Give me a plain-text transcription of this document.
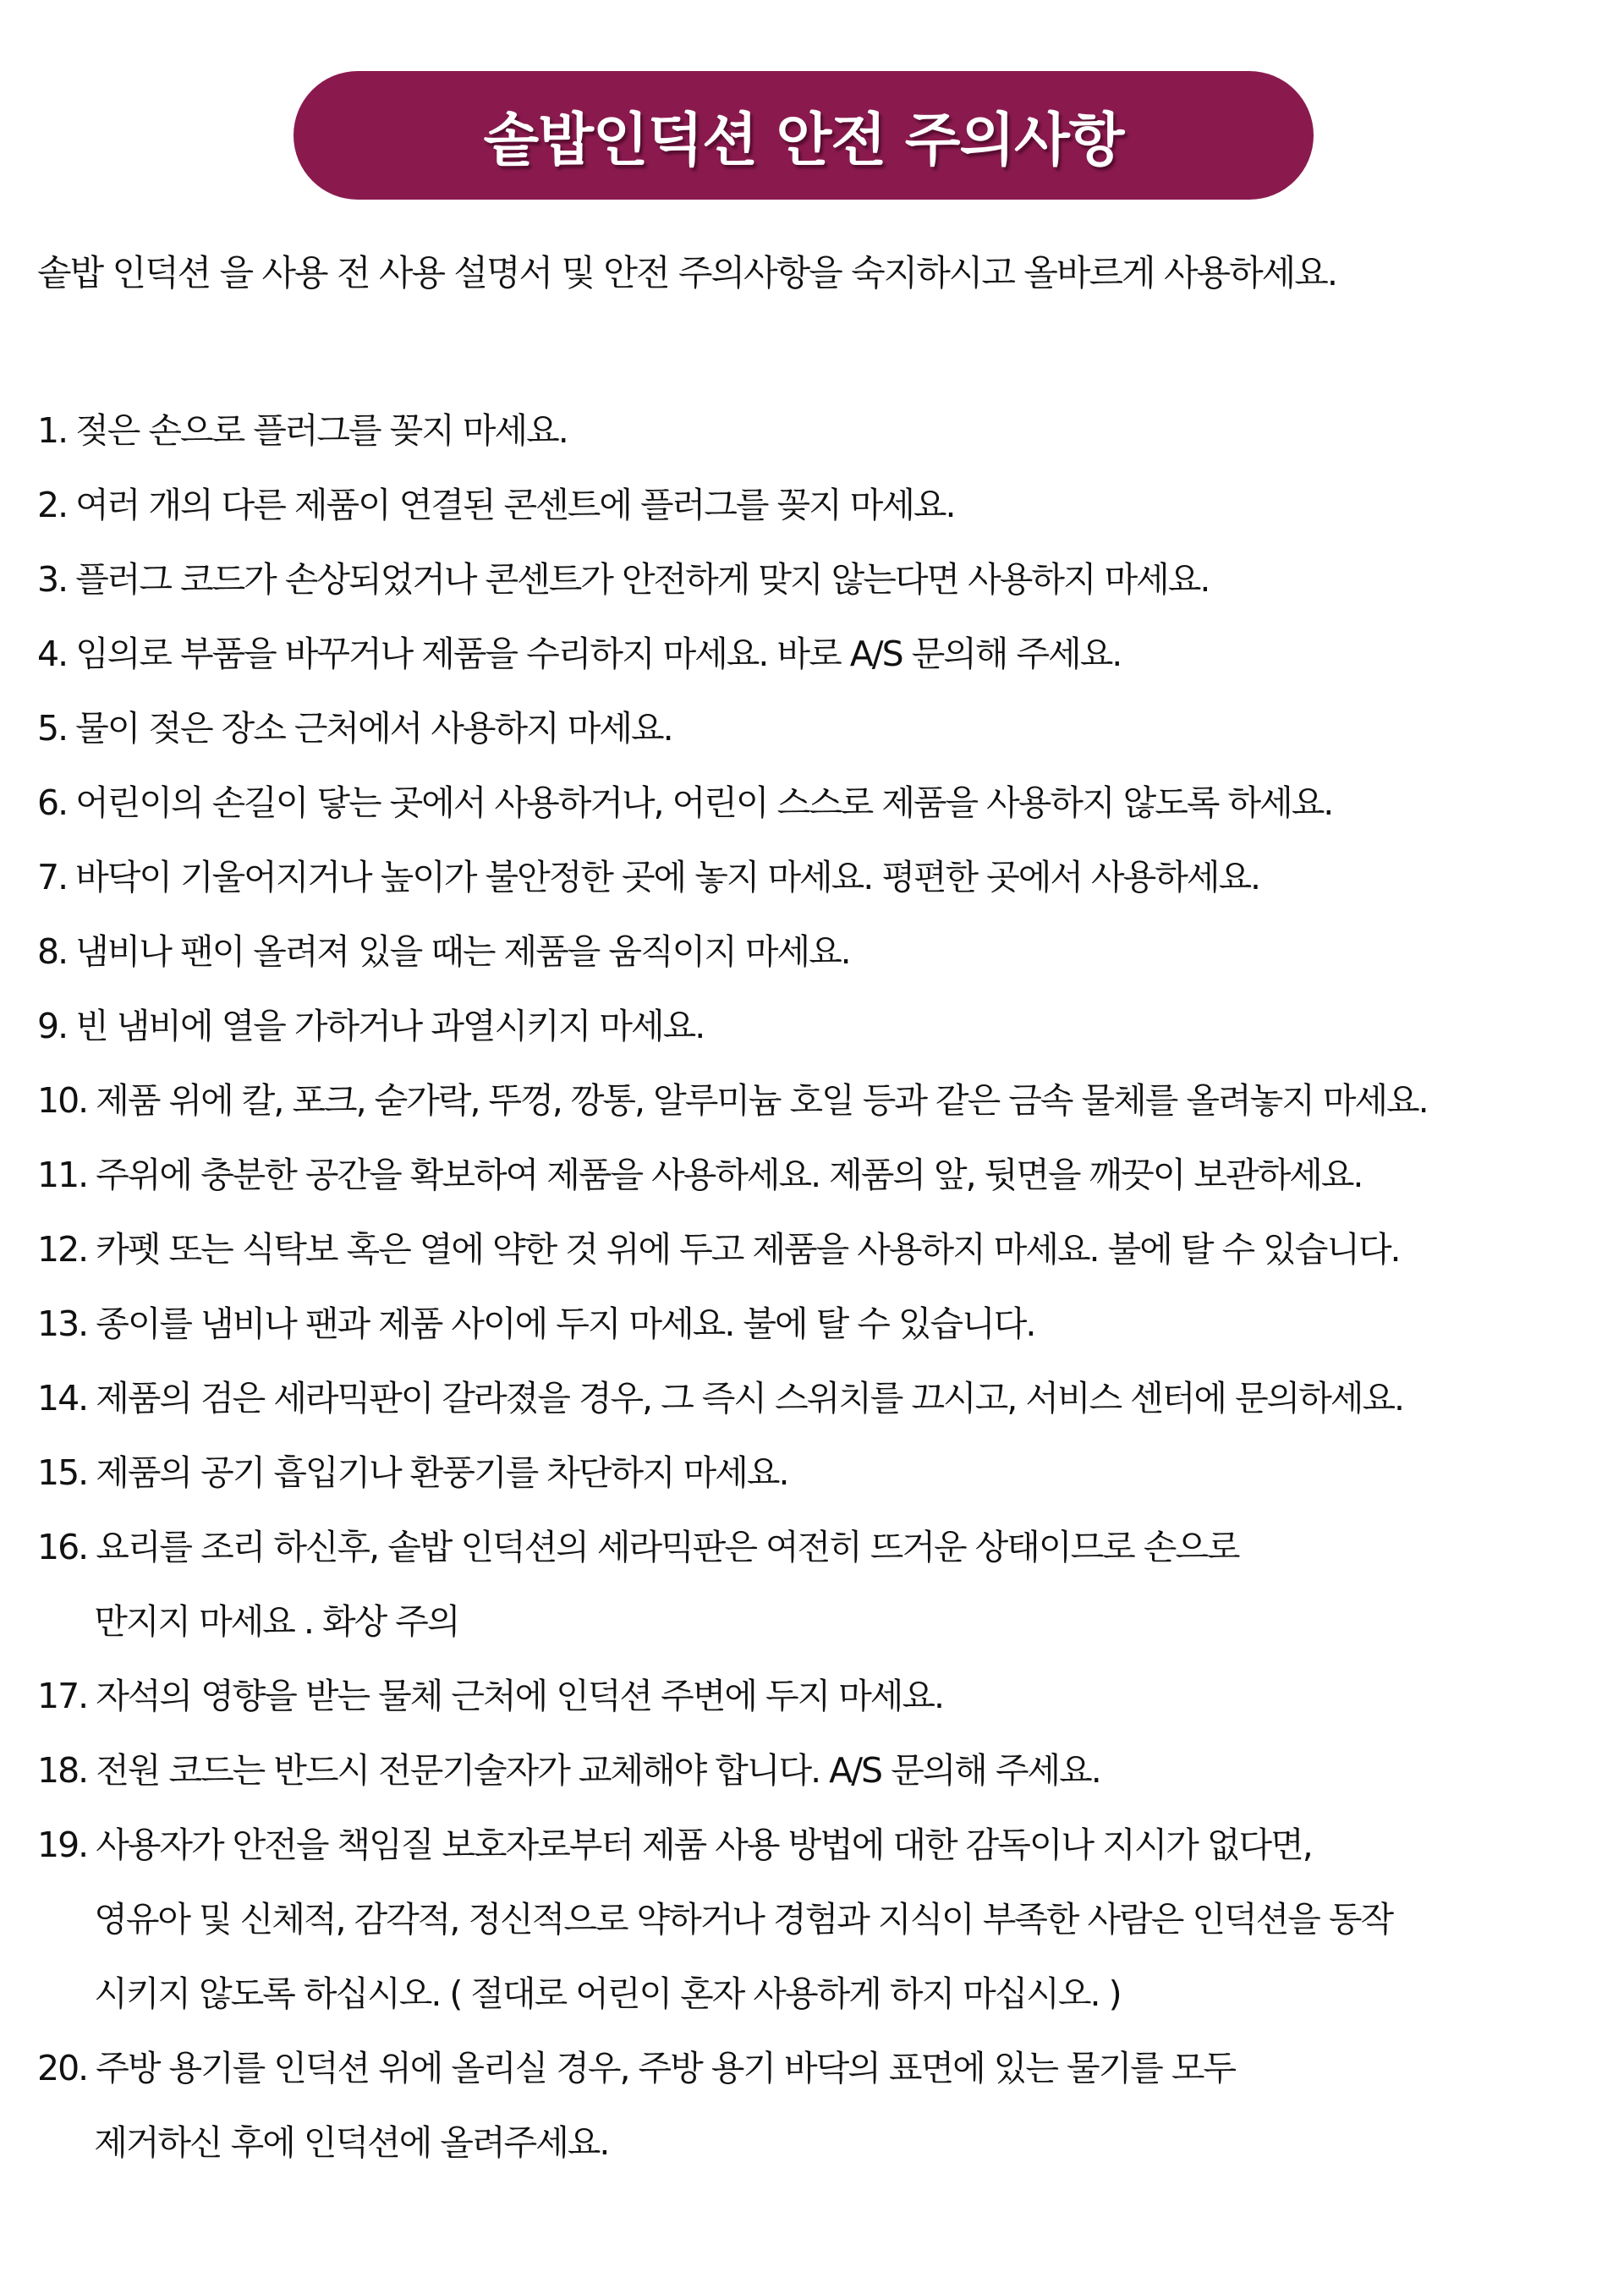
솥밥인덕션 안전 주의사항
솥밥 인덕션 을 사용 전 사용 설명서 및 안전 주의사항을 숙지하시고 올바르게 사용하세요.
1. 젖은 손으로 플러그를 꽂지 마세요.
2. 여러 개의 다른 제품이 연결된 콘센트에 플러그를 꽂지 마세요.
3. 플러그 코드가 손상되었거나 콘센트가 안전하게 맞지 않는다면 사용하지 마세요.
4. 임의로 부품을 바꾸거나 제품을 수리하지 마세요. 바로 A/S 문의해 주세요.
5. 물이 젖은 장소 근처에서 사용하지 마세요.
6. 어린이의 손길이 닿는 곳에서 사용하거나, 어린이 스스로 제품을 사용하지 않도록 하세요.
7. 바닥이 기울어지거나 높이가 불안정한 곳에 놓지 마세요. 평편한 곳에서 사용하세요.
8. 냄비나 팬이 올려져 있을 때는 제품을 움직이지 마세요.
9. 빈 냄비에 열을 가하거나 과열시키지 마세요.
10. 제품 위에 칼, 포크, 숟가락, 뚜껑, 깡통, 알루미늄 호일 등과 같은 금속 물체를 올려놓지 마세요.
11. 주위에 충분한 공간을 확보하여 제품을 사용하세요. 제품의 앞, 뒷면을 깨끗이 보관하세요.
12. 카펫 또는 식탁보 혹은 열에 약한 것 위에 두고 제품을 사용하지 마세요. 불에 탈 수 있습니다.
13. 종이를 냄비나 팬과 제품 사이에 두지 마세요. 불에 탈 수 있습니다.
14. 제품의 검은 세라믹판이 갈라졌을 경우, 그 즉시 스위치를 끄시고, 서비스 센터에 문의하세요.
15. 제품의 공기 흡입기나 환풍기를 차단하지 마세요.
16. 요리를 조리 하신후, 솥밥 인덕션의 세라믹판은 여전히 뜨거운 상태이므로 손으로
만지지 마세요 . 화상 주의
17. 자석의 영향을 받는 물체 근처에 인덕션 주변에 두지 마세요.
18. 전원 코드는 반드시 전문기술자가 교체해야 합니다. A/S 문의해 주세요.
19. 사용자가 안전을 책임질 보호자로부터 제품 사용 방법에 대한 감독이나 지시가 없다면,
영유아 및 신체적, 감각적, 정신적으로 약하거나 경험과 지식이 부족한 사람은 인덕션을 동작
시키지 않도록 하십시오. ( 절대로 어린이 혼자 사용하게 하지 마십시오. )
20. 주방 용기를 인덕션 위에 올리실 경우, 주방 용기 바닥의 표면에 있는 물기를 모두
제거하신 후에 인덕션에 올려주세요.
